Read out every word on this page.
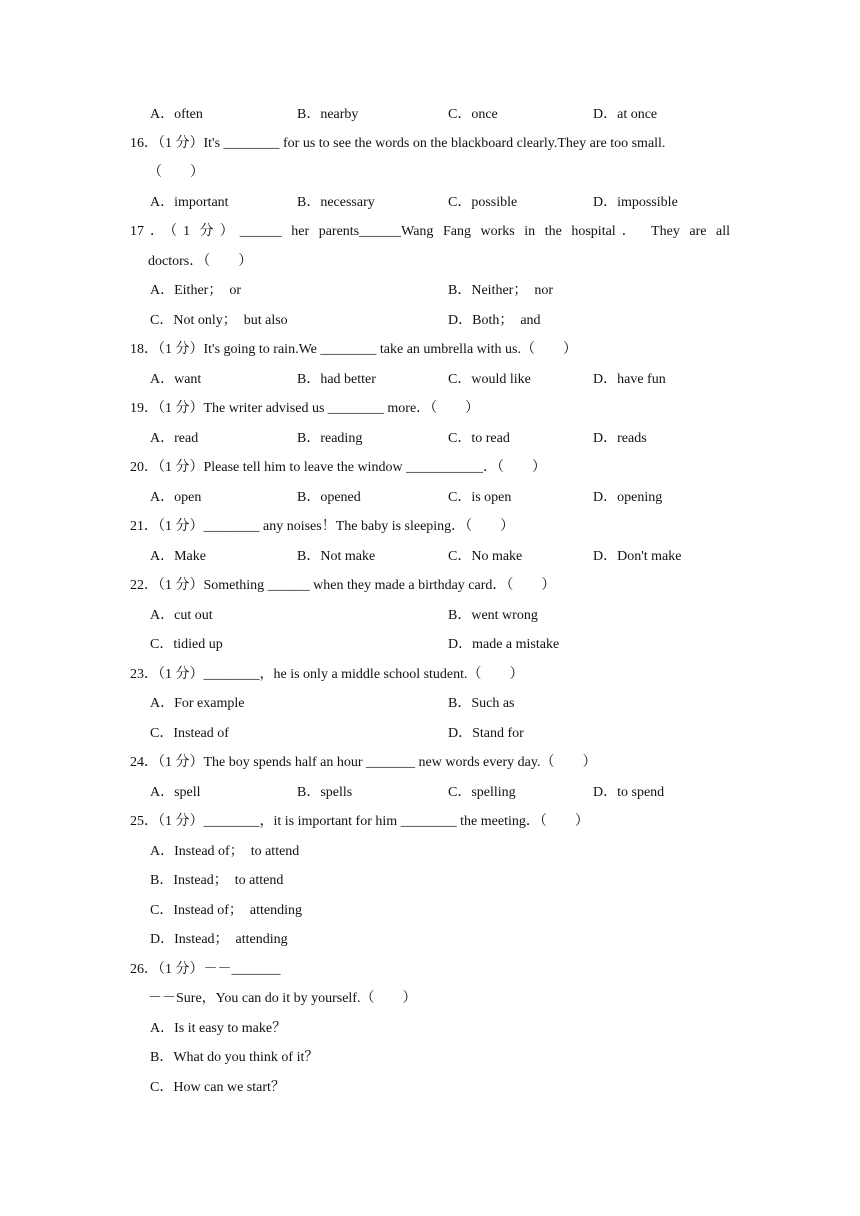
A．often	B．nearby	C．once	D．at once
16．（1 分）It's ________ for us to see the words on the blackboard clearly.They are too small.
（　　）
A．important	B．necessary	C．possible	D．impossible
17．（1 分）______ her parents______Wang Fang works in the hospital． They are all
doctors．（　　）
A．Either；　or	B．Neither；　nor
C．Not only；　but also	D．Both；　and
18．（1 分）It's going to rain.We ________ take an umbrella with us.（　　）
A．want	B．had better	C．would like	D．have fun
19．（1 分）The writer advised us ________ more．（　　）
A．read	B．reading	C．to read	D．reads
20．（1 分）Please tell him to leave the window ___________．（　　）
A．open	B．opened	C．is open	D．opening
21．（1 分）________ any noises！The baby is sleeping．（　　）
A．Make	B．Not make	C．No make	D．Don't make
22．（1 分）Something ______ when they made a birthday card．（　　）
A．cut out	B．went wrong
C．tidied up	D．made a mistake
23．（1 分）________，he is only a middle school student.（　　）
A．For example	B．Such as
C．Instead of	D．Stand for
24．（1 分）The boy spends half an hour _______ new words every day.（　　）
A．spell	B．spells	C．spelling	D．to spend
25．（1 分）________，it is important for him ________ the meeting．（　　）
A．Instead of；　to attend
B．Instead；　to attend
C．Instead of；　attending
D．Instead；　attending
26．（1 分）－－_______
－－Sure，You can do it by yourself.（　　）
A．Is it easy to make？
B．What do you think of it？
C．How can we start？
